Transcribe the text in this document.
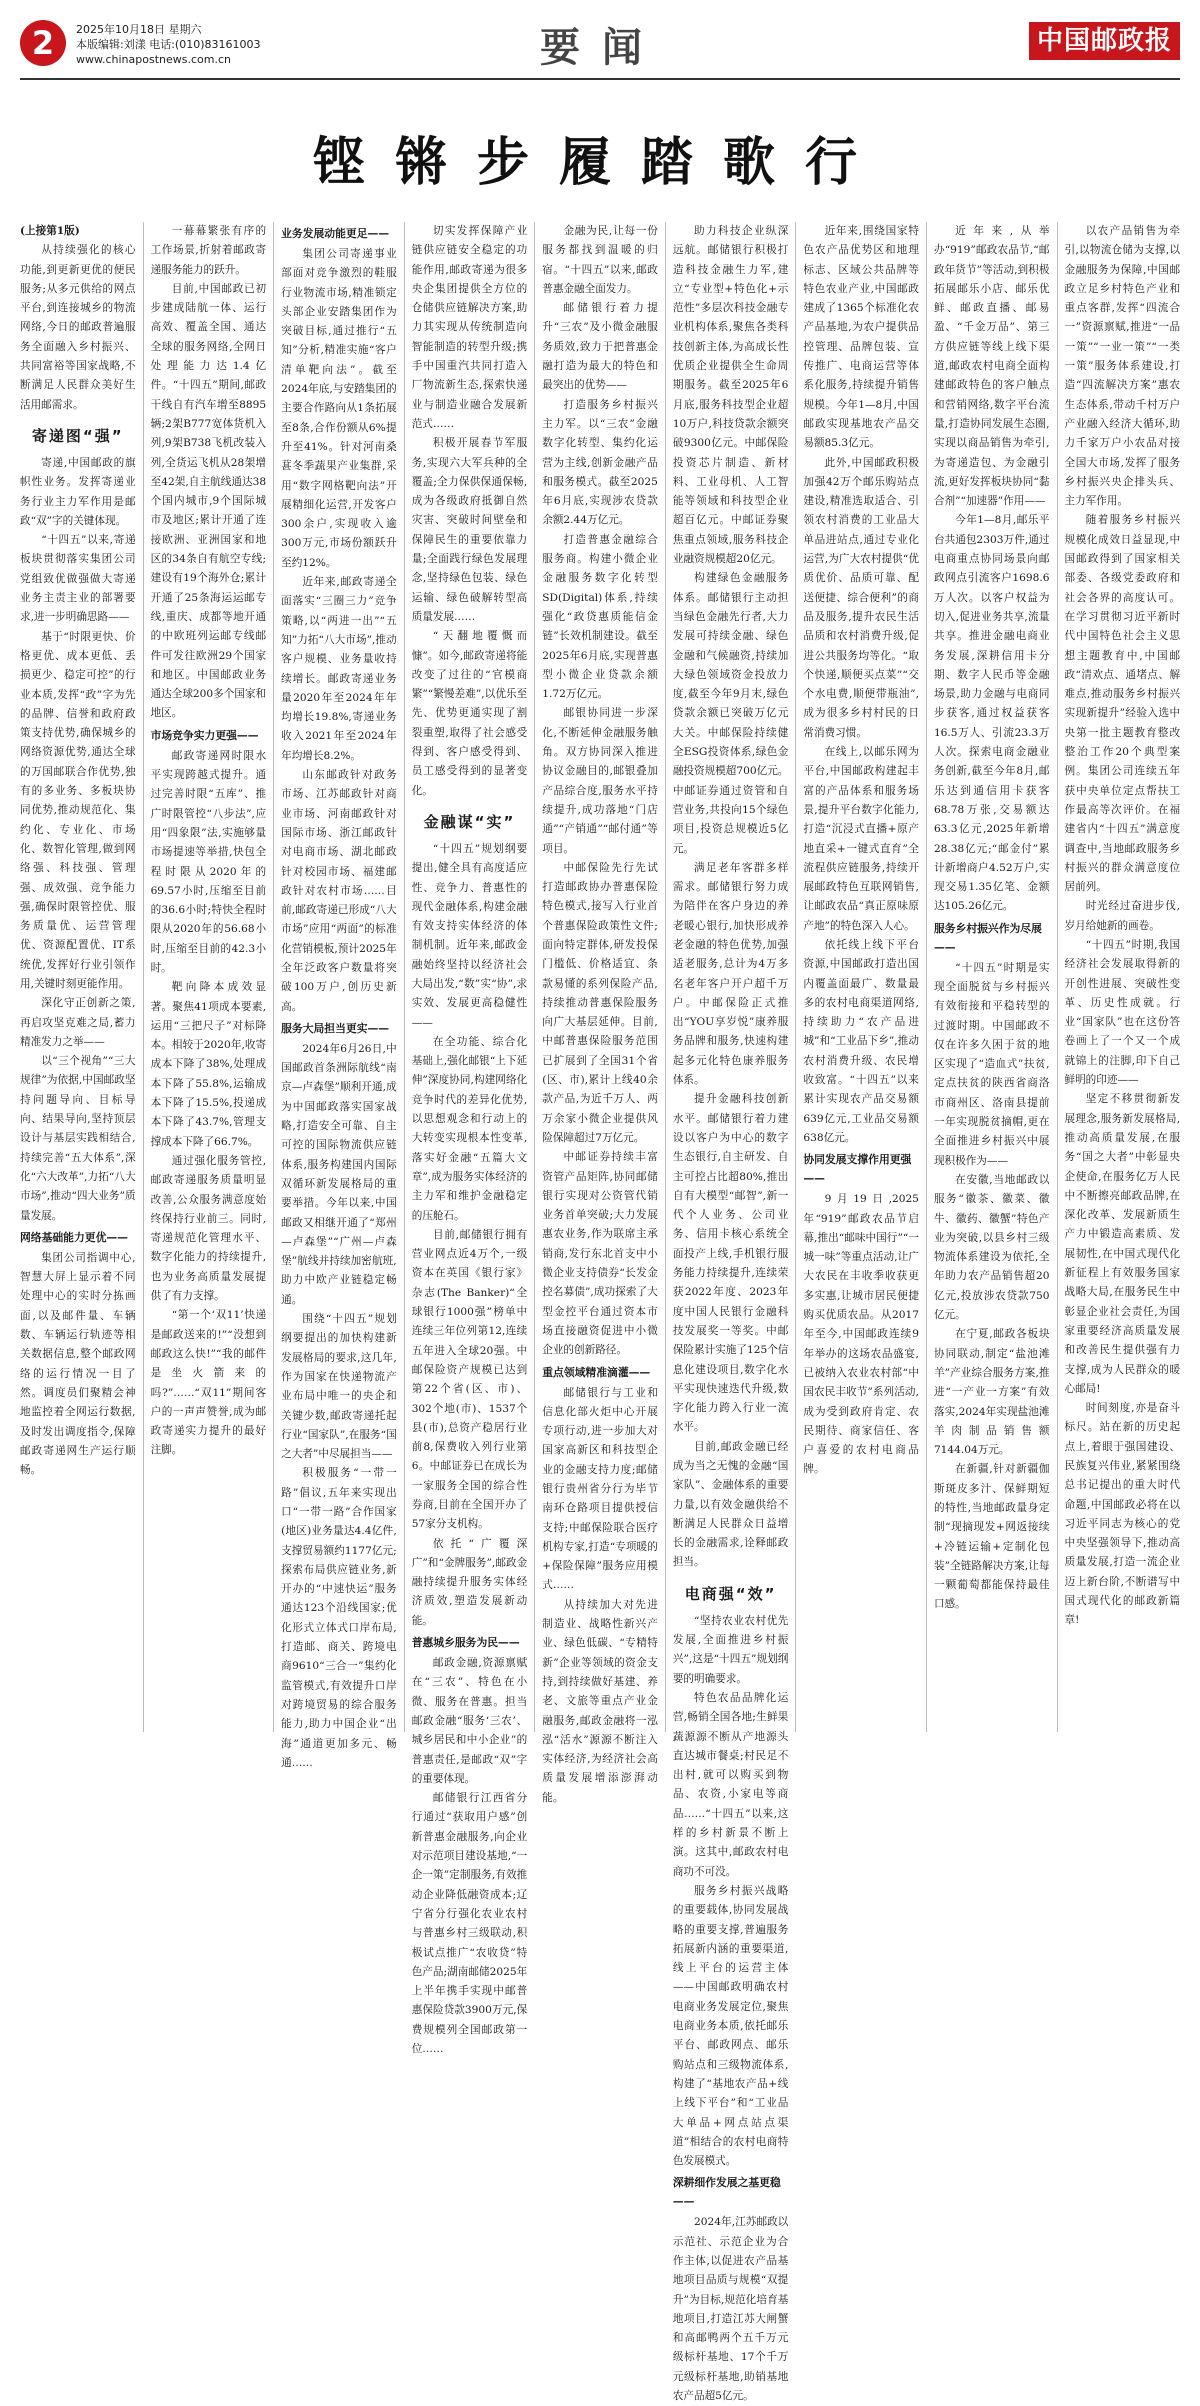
2	2025年10月18日 星期六
本版编辑:刘漾 电话:(010)83161003
www.chinapostnews.com.cn	要闻	中国邮政报
铿锵步履踏歌行

(上接第1版)

从持续强化的核心功能,到更新更优的便民服务;从多元供给的网点平台,到连接城乡的物流网络,今日的邮政普遍服务全面融入乡村振兴、共同富裕等国家战略,不断满足人民群众美好生活用邮需求。

寄递图“强”

寄递,中国邮政的旗帜性业务。发挥寄递业务行业主力军作用是邮政“双”字的关键体现。

“十四五”以来,寄递板块贯彻落实集团公司党组致优做强做大寄递业务主责主业的部署要求,进一步明确思路——

基于“时限更快、价格更优、成本更低、丢损更少、稳定可控”的行业本质,发挥“政”字为先的品牌、信誉和政府政策支持优势,确保城乡的网络资源优势,通达全球的万国邮联合作优势,独有的多业务、多板块协同优势,推动规范化、集约化、专业化、市场化、数智化管理,做到网络强、科技强、管理强、成效强、竞争能力强,确保时限管控优、服务质量优、运营管理优、资源配置优、IT系统优,发挥好行业引领作用,关键时刻更能作用。

深化守正创新之策,再启攻坚克难之局,蓄力精准发力之举——

以“三个视角”“三大规律”为依据,中国邮政坚持问题导向、目标导向、结果导向,坚持顶层设计与基层实践相结合,持续完善“五大体系”,深化“六大改革”,力拓“八大市场”,推动“四大业务”质量发展。

网络基础能力更优——

集团公司指调中心,智慧大屏上显示着不同处理中心的实时分拣画面,以及邮件量、车辆数、车辆运行轨迹等相关数据信息,整个邮政网络的运行情况一目了然。调度员们聚精会神地监控着全网运行数据,及时发出调度指令,保障邮政寄递网生产运行顺畅。

一幕幕繁张有序的工作场景,折射着邮政寄递服务能力的跃升。

目前,中国邮政已初步建成陆航一体、运行高效、覆盖全国、通达全球的服务网络,全网日处理能力达1.4亿件。“十四五”期间,邮政干线自有汽车增至8895辆;2架B777宽体货机入列,9架B738飞机改装入列,全货运飞机从28架增至42架,自主航线通达38个国内城市,9个国际城市及地区;累计开通了连接欧洲、亚洲国家和地区的34条自有航空专线;建设有19个海外仓;累计开通了25条海运运邮专线,重庆、成都等地开通的中欧班列运邮专线邮件可发往欧洲29个国家和地区。中国邮政业务通达全球200多个国家和地区。

市场竞争实力更强——

邮政寄递网时限水平实现跨越式提升。通过完善时限“五库”、推广时限管控“八步法”,应用“四象限”法,实施够量市场提速等举措,快包全程时限从2020年的69.57小时,压缩至目前的36.6小时;特快全程时限从2020年的56.68小时,压缩至目前的42.3小时。

靶向降本成效显著。聚焦41项成本要素,运用“三把尺子”对标降本。相较于2020年,收寄成本下降了38%,处理成本下降了55.8%,运输成本下降了15.5%,投递成本下降了43.7%,管理支撑成本下降了66.7%。

通过强化服务管控,邮政寄递服务质量明显改善,公众服务满意度始终保持行业前三。同时,寄递规范化管理水平、数字化能力的持续提升,也为业务高质量发展提供了有力支撑。

“第一个‘双11’快递是邮政送来的!”“没想到邮政这么快!”“我的邮件是坐火箭来的吗?”……“双11”期间客户的一声声赞誉,成为邮政寄递实力提升的最好注脚。

业务发展动能更足——

集团公司寄递事业部面对竞争激烈的鞋服行业物流市场,精准锁定头部企业安踏集团作为突破目标,通过推行“五知”分析,精准实施“客户清单靶向法”。截至2024年底,与安踏集团的主要合作路向从1条拓展至8条,合作份额从6%提升至41%。针对河南桑葚冬季蔬果产业集群,采用“数字网格靶向法”开展精细化运营,开发客户300余户,实现收入逾300万元,市场份额跃升至约12%。

近年来,邮政寄递全面落实“三圈三力”竞争策略,以“两进一出”“五知”力拓“八大市场”,推动客户规模、业务量收持续增长。邮政寄递业务量2020年至2024年年均增长19.8%,寄递业务收入2021年至2024年年均增长8.2%。

山东邮政针对政务市场、江苏邮政针对商业市场、河南邮政针对国际市场、浙江邮政针对电商市场、湖北邮政针对校园市场、福建邮政针对农村市场……目前,邮政寄递已形成“八大市场”应用“两面”的标准化营销模板,预计2025年全年泛政客户数量将突破100万户,创历史新高。

服务大局担当更实——

2024年6月26日,中国邮政首条洲际航线“南京—卢森堡”顺利开通,成为中国邮政落实国家战略,打造安全可靠、自主可控的国际物流供应链体系,服务构建国内国际双循环新发展格局的重要举措。今年以来,中国邮政又相继开通了“郑州—卢森堡”“广州—卢森堡”航线并持续加密航班,助力中欧产业链稳定畅通。

围绕“十四五”规划纲要提出的加快构建新发展格局的要求,这几年,作为国家在快递物流产业布局中唯一的央企和关键少数,邮政寄递托起行业“国家队”,在服务“国之大者”中尽展担当——

积极服务“一带一路”倡议,五年来实现出口“一带一路”合作国家(地区)业务量达4.4亿件,支撑贸易额约1177亿元;探索布局供应链业务,新开办的“中速快运”服务通达123个沿线国家;优化形式立体式口岸布局,打造邮、商关、跨境电商9610“三合一”集约化监管模式,有效提升口岸对跨境贸易的综合服务能力,助力中国企业“出海”通道更加多元、畅通……

切实发挥保障产业链供应链安全稳定的功能作用,邮政寄递为很多央企集团提供全方位的仓储供应链解决方案,助力其实现从传统制造向智能制造的转型升级;携手中国重汽共同打造入厂物流新生态,探索快递业与制造业融合发展新范式……

积极开展春节军服务,实现六大军兵种的全覆盖;全力保供保通保畅,成为各级政府抵御自然灾害、突破时间壁垒和保障民生的重要依靠力量;全面践行绿色发展理念,坚持绿色包装、绿色运输、绿色破解转型高质量发展……

“天翻地覆慨而慷”。如今,邮政寄递将能改变了过往的“官模商繁”“繁慢差难”,以优乐至先、优势更通实现了割裂重塑,取得了社会感受得到、客户感受得到、员工感受得到的显著变化。

金融谋“实”

“十四五”规划纲要提出,健全具有高度适应性、竞争力、普惠性的现代金融体系,构建金融有效支持实体经济的体制机制。近年来,邮政金融始终坚持以经济社会大局出发,“数”实“协”,求实效、发展更高稳健性——

在全功能、综合化基础上,强化邮银“上下延伸”深度协同,构建网络化竞争时代的差异化优势,以思想观念和行动上的大转变实现根本性变革,落实好金融“五篇大文章”,成为服务实体经济的主力军和维护金融稳定的压舱石。

目前,邮储银行拥有营业网点近4万个,一级资本在英国《银行家》杂志(The Banker)“全球银行1000强”榜单中连续三年位列第12,连续五年进入全球20强。中邮保险资产规模已达到第22个省(区、市)、302个地(市)、1537个县(市),总资产稳居行业前8,保费收入列行业第6。中邮证券已在成长为一家服务全国的综合性券商,目前在全国开办了57家分支机构。

依托“广覆深广”和“金牌服务”,邮政金融持续提升服务实体经济质效,塑造发展新动能。

普惠城乡服务为民——

邮政金融,资源禀赋在“三农”、特色在小微、服务在普惠。担当邮政金融“服务‘三农’、城乡居民和中小企业”的普惠责任,是邮政“双”字的重要体现。

邮储银行江西省分行通过“获取用户感”创新普惠金融服务,向企业对示范项目建设基地,“一企一策”定制服务,有效推动企业降低融资成本;辽宁省分行强化农业农村与普惠乡村三级联动,积极试点推广“农收贷”特色产品;湖南邮储2025年上半年携手实现中邮普惠保险贷款3900万元,保费规模列全国邮政第一位……

金融为民,让每一份服务都找到温暖的归宿。“十四五”以来,邮政普惠金融全面发力。

邮储银行着力提升“三农”及小微金融服务质效,致力于把普惠金融打造为最大的特色和最突出的优势——

打造服务乡村振兴主力军。以“三农”金融数字化转型、集约化运营为主线,创新金融产品和服务模式。截至2025年6月底,实现涉农贷款余额2.44万亿元。

打造普惠金融综合服务商。构建小微企业金融服务数字化转型SD(Digital)体系,持续强化“政贷惠质能信金链”长效机制建设。截至2025年6月底,实现普惠型小微企业贷款余额1.72万亿元。

邮银协同进一步深化,不断延伸金融服务触角。双方协同深入推进协议金融目的,邮银叠加产品综合度,服务水平持续提升,成功落地“门店通”“产销通”“邮付通”等项目。

中邮保险先行先试打造邮政协办普惠保险特色模式,接写入行业首个普惠保险政策性文件;面向特定群体,研发投保门槛低、价格适宜、条款易懂的系列保险产品,持续推动普惠保险服务向广大基层延伸。目前,中邮普惠保险服务范围已扩展到了全国31个省(区、市),累计上线40余款产品,为近千万人、两万余家小微企业提供风险保障超过7万亿元。

中邮证券持续丰富资管产品矩阵,协同邮储银行实现对公资管代销业务首单突破;大力发展惠农业务,作为联席主承销商,发行东北首支中小微企业支持债券“长发金控名募债”,成功探索了大型金控平台通过资本市场直接融资促进中小微企业的创新路径。

重点领域精准滴灌——

邮储银行与工业和信息化部火炬中心开展专项行动,进一步加大对国家高新区和科技型企业的金融支持力度;邮储银行贵州省分行为毕节南环仓路项目提供授信支持;中邮保险联合医疗机构专家,打造“专项暖的+保险保障”服务应用模式……

从持续加大对先进制造业、战略性新兴产业、绿色低碳、“专精特新”企业等领域的资金支持,到持续做好基建、养老、文旅等重点产业金融服务,邮政金融将一泓泓“活水”源源不断注入实体经济,为经济社会高质量发展增添澎湃动能。

助力科技企业纵深远航。邮储银行积极打造科技金融生力军,建立“专业型+特色化+示范性”多层次科技金融专业机构体系,聚焦各类科技创新主体,为高成长性优质企业提供全生命周期服务。截至2025年6月底,服务科技型企业超10万户,科技贷款余额突破9300亿元。中邮保险投资芯片制造、新材料、工业母机、人工智能等领域和科技型企业超百亿元。中邮证券聚焦重点领域,服务科技企业融资规模超20亿元。

构建绿色金融服务体系。邮储银行主动担当绿色金融先行者,大力发展可持续金融、绿色金融和气候融资,持续加大绿色领域资金投放力度,截至今年9月末,绿色贷款余额已突破万亿元大关。中邮保险持续健全ESG投资体系,绿色金融投资规模超700亿元。中邮证券通过资管和自营业务,共投向15个绿色项目,投资总规模近5亿元。

满足老年客群多样需求。邮储银行努力成为陪伴在客户身边的养老暖心银行,加快形成养老金融的特色优势,加强适老服务,总计为4万多名老年客户开户超千万户。中邮保险正式推出“YOU享岁悦”康养服务品牌和服务,快速构建起多元化特色康养服务体系。

提升金融科技创新水平。邮储银行着力建设以客户为中心的数字生态银行,自主研发、自主可控占比超80%,推出自有大模型“邮智”,新一代个人业务、公司业务、信用卡核心系统全面投产上线,手机银行服务能力持续提升,连续荣获2022年度、2023年度中国人民银行金融科技发展奖一等奖。中邮保险累计实施了125个信息化建设项目,数字化水平实现快速迭代升级,数字化能力跨入行业一流水平。

目前,邮政金融已经成为当之无愧的金融“国家队”、金融体系的重要力量,以有效金融供给不断满足人民群众日益增长的金融需求,诠释邮政担当。

电商强“效”

“坚持农业农村优先发展,全面推进乡村振兴”,这是“十四五”规划纲要的明确要求。

特色农品品牌化运营,畅销全国各地;生鲜果蔬源源不断从产地源头直达城市餐桌;村民足不出村,就可以购买到物品、农资,小家电等商品……“十四五”以来,这样的乡村新景不断上演。这其中,邮政农村电商功不可没。

服务乡村振兴战略的重要载体,协同发展战略的重要支撑,普遍服务拓展新内涵的重要渠道,线上平台的运营主体——中国邮政明确农村电商业务发展定位,聚焦电商业务本质,依托邮乐平台、邮政网点、邮乐购站点和三级物流体系,构建了“基地农产品+线上线下平台”和“工业品大单品+网点站点渠道”相结合的农村电商特色发展模式。

深耕细作发展之基更稳——

2024年,江苏邮政以示范社、示范企业为合作主体,以促进农产品基地项目品质与规模“双提升”为目标,规范化培育基地项目,打造江苏大闸蟹和高邮鸭两个五千万元级标杆基地、17个千万元级标杆基地,助销基地农产品超5亿元。

近年来,围绕国家特色农产品优势区和地理标志、区域公共品牌等特色农业产业,中国邮政建成了1365个标准化农产品基地,为农户提供品控管理、品牌包装、宣传推广、电商运营等体系化服务,持续提升销售规模。今年1—8月,中国邮政实现基地农产品交易额85.3亿元。

此外,中国邮政积极加强42万个邮乐购站点建设,精准选取适合、引领农村消费的工业品大单品进站点,通过专业化运营,为广大农村提供“优质优价、品质可靠、配送便捷、综合便利”的商品及服务,提升农民生活品质和农村消费升级,促进公共服务均等化。“取个快递,顺便买点菜”“交个水电费,顺便带瓶油”,成为很多乡村村民的日常消费习惯。

在线上,以邮乐网为平台,中国邮政构建起丰富的产品体系和服务场景,提升平台数字化能力,打造“沉浸式直播+原产地直采+一键式直育”全流程供应链服务,持续开展邮政特色互联网销售,让邮政农品“真正原味原产地”的特色深入人心。

依托线上线下平台资源,中国邮政打造出国内覆盖面最广、数量最多的农村电商渠道网络,持续助力“农产品进城”和“工业品下乡”,推动农村消费升级、农民增收致富。“十四五”以来累计实现农产品交易额639亿元,工业品交易额638亿元。

协同发展支撑作用更强——

9月19日,2025年“919”邮政农品节启幕,推出“邮味中国行”“一城一味”等重点活动,让广大农民在丰收季收获更多实惠,让城市居民便捷购买优质农品。从2017年至今,中国邮政连续9年举办的这场农品盛宴,已被纳入农业农村部“中国农民丰收节”系列活动,成为受到政府肯定、农民期待、商家信任、客户喜爱的农村电商品牌。

近年来,从举办“919”邮政农品节,“邮政年货节”等活动,到积极拓展邮乐小店、邮乐优鲜、邮政直播、邮易盈、“千金万品”、第三方供应链等线上线下渠道,邮政农村电商全面构建邮政特色的客户触点和营销网络,数字平台流量,打造协同发展生态圈,实现以商品销售为牵引,为寄递造包、为金融引流,更好发挥板块协同“黏合剂”“加速器”作用——

今年1—8月,邮乐平台共通包2303万件,通过电商重点协同场景向邮政网点引流客户1698.6万人次。以客户权益为切入,促进业务共享,流量共享。推进金融电商业务发展,深耕信用卡分期、数字人民币等金融场景,助力金融与电商同步获客,通过权益获客16.5万人、引流23.3万人次。探索电商金融业务创新,截至今年8月,邮乐达到通信用卡获客68.78万张,交易额达63.3亿元,2025年新增28.38亿元;“邮金付”累计新增商户4.52万户,实现交易1.35亿笔、金额达105.26亿元。

服务乡村振兴作为尽展——

“十四五”时期是实现全面脱贫与乡村振兴有效衔接和平稳转型的过渡时期。中国邮政不仅在许多久困于贫的地区实现了“造血式”扶贫,定点扶贫的陕西省商洛市商州区、洛南县提前一年实现脱贫摘帽,更在全面推进乡村振兴中展现积极作为——

在安徽,当地邮政以服务“徽茶、徽菜、徽牛、徽药、徽蟹”特色产业为突破,以县乡村三级物流体系建设为依托,全年助力农产品销售超20亿元,投放涉农贷款750亿元。

在宁夏,邮政各板块协同联动,制定“盐池滩羊”产业综合服务方案,推进“一产业一方案”有效落实,2024年实现盐池滩羊肉制品销售额7144.04万元。

在新疆,针对新疆伽斯斑皮多汁、保鲜期短的特性,当地邮政量身定制“现摘现发+网返接续+冷链运输+定制化包装”全链路解决方案,让每一颗葡萄都能保持最佳口感。

以农产品销售为牵引,以物流仓储为支撑,以金融服务为保障,中国邮政立足乡村特色产业和重点客群,发挥“四流合一”资源禀赋,推进“一品一策”“一业一策”“一类一策”服务体系建设,打造“四流解决方案”惠农生态体系,带动千村万户产业融入经济大循环,助力千家万户小农品对接全国大市场,发挥了服务乡村振兴央企排头兵、主力军作用。

随着服务乡村振兴规模化成效日益显现,中国邮政得到了国家相关部委、各级党委政府和社会各界的高度认可。在学习贯彻习近平新时代中国特色社会主义思想主题教育中,中国邮政“清欢点、通堵点、解难点,推动服务乡村振兴实现新提升”经验入选中央第一批主题教育整改整治工作20个典型案例。集团公司连续五年获中央单位定点帮扶工作最高等次评价。在福建省内“十四五”满意度调查中,当地邮政服务乡村振兴的群众满意度位居前列。

时光经过奋进步伐,岁月给她新的画卷。

“十四五”时期,我国经济社会发展取得新的开创性进展、突破性变革、历史性成就。行业“国家队”也在这份答卷画上了一个又一个成就锦上的注脚,印下自己鲜明的印迹——

坚定不移贯彻新发展理念,服务新发展格局,推动高质量发展,在服务“国之大者”中彰显央企使命,在服务亿万人民中不断擦亮邮政品牌,在深化改革、发展新质生产力中锻造高素质、发展韧性,在中国式现代化新征程上有效服务国家战略大局,在服务民生中彰显企业社会责任,为国家重要经济高质量发展和改善民生提供强有力支撑,成为人民群众的暖心邮局!

时间刻度,亦是奋斗标尺。站在新的历史起点上,着眼于强国建设、民族复兴伟业,紧紧围绕总书记提出的重大时代命题,中国邮政必将在以习近平同志为核心的党中央坚强领导下,推动高质量发展,打造一流企业迈上新台阶,不断谱写中国式现代化的邮政新篇章!
